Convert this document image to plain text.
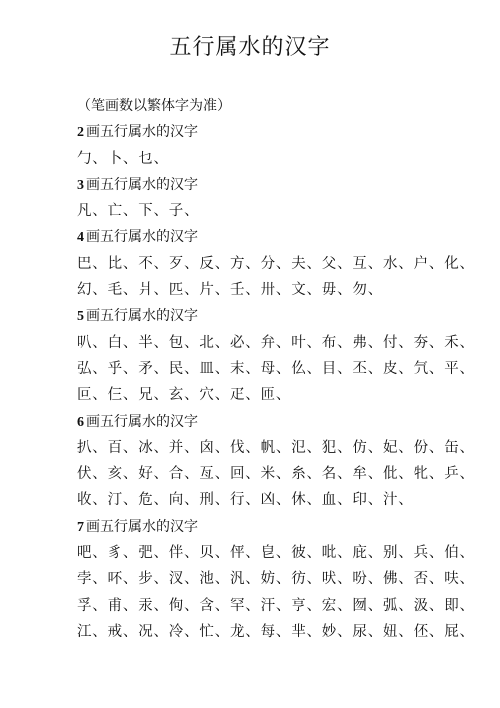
五行属水的汉字
（笔画数以繁体字为准）
2 画五行属水的汉字
勹、卜、乜、
3 画五行属水的汉字
凡、亡、下、子、
4 画五行属水的汉字
巴、比、不、歹、反、方、分、夫、父、互、水、户、化、
幻、毛、爿、匹、片、壬、卅、文、毋、勿、
5 画五行属水的汉字
叭、白、半、包、北、必、弁、叶、布、弗、付、夯、禾、
弘、乎、矛、民、皿、末、母、仫、目、丕、皮、氕、平、
叵、仨、兄、玄、穴、疋、匝、
6 画五行属水的汉字
扒、百、冰、并、囟、伐、帆、氾、犯、仿、妃、份、缶、
伏、亥、好、合、亙、回、米、糸、名、牟、仳、牝、乒、
收、汀、危、向、刑、行、凶、休、血、印、汁、
7 画五行属水的汉字
吧、豸、弝、伴、贝、伻、皀、彼、吡、庇、别、兵、伯、
孛、吥、步、汊、池、汎、妨、彷、吠、吩、佛、否、呋、
孚、甫、汞、佝、含、罕、汗、亨、宏、囫、弧、汲、即、
江、戒、况、冷、忙、龙、每、芈、妙、尿、妞、伾、屁、
